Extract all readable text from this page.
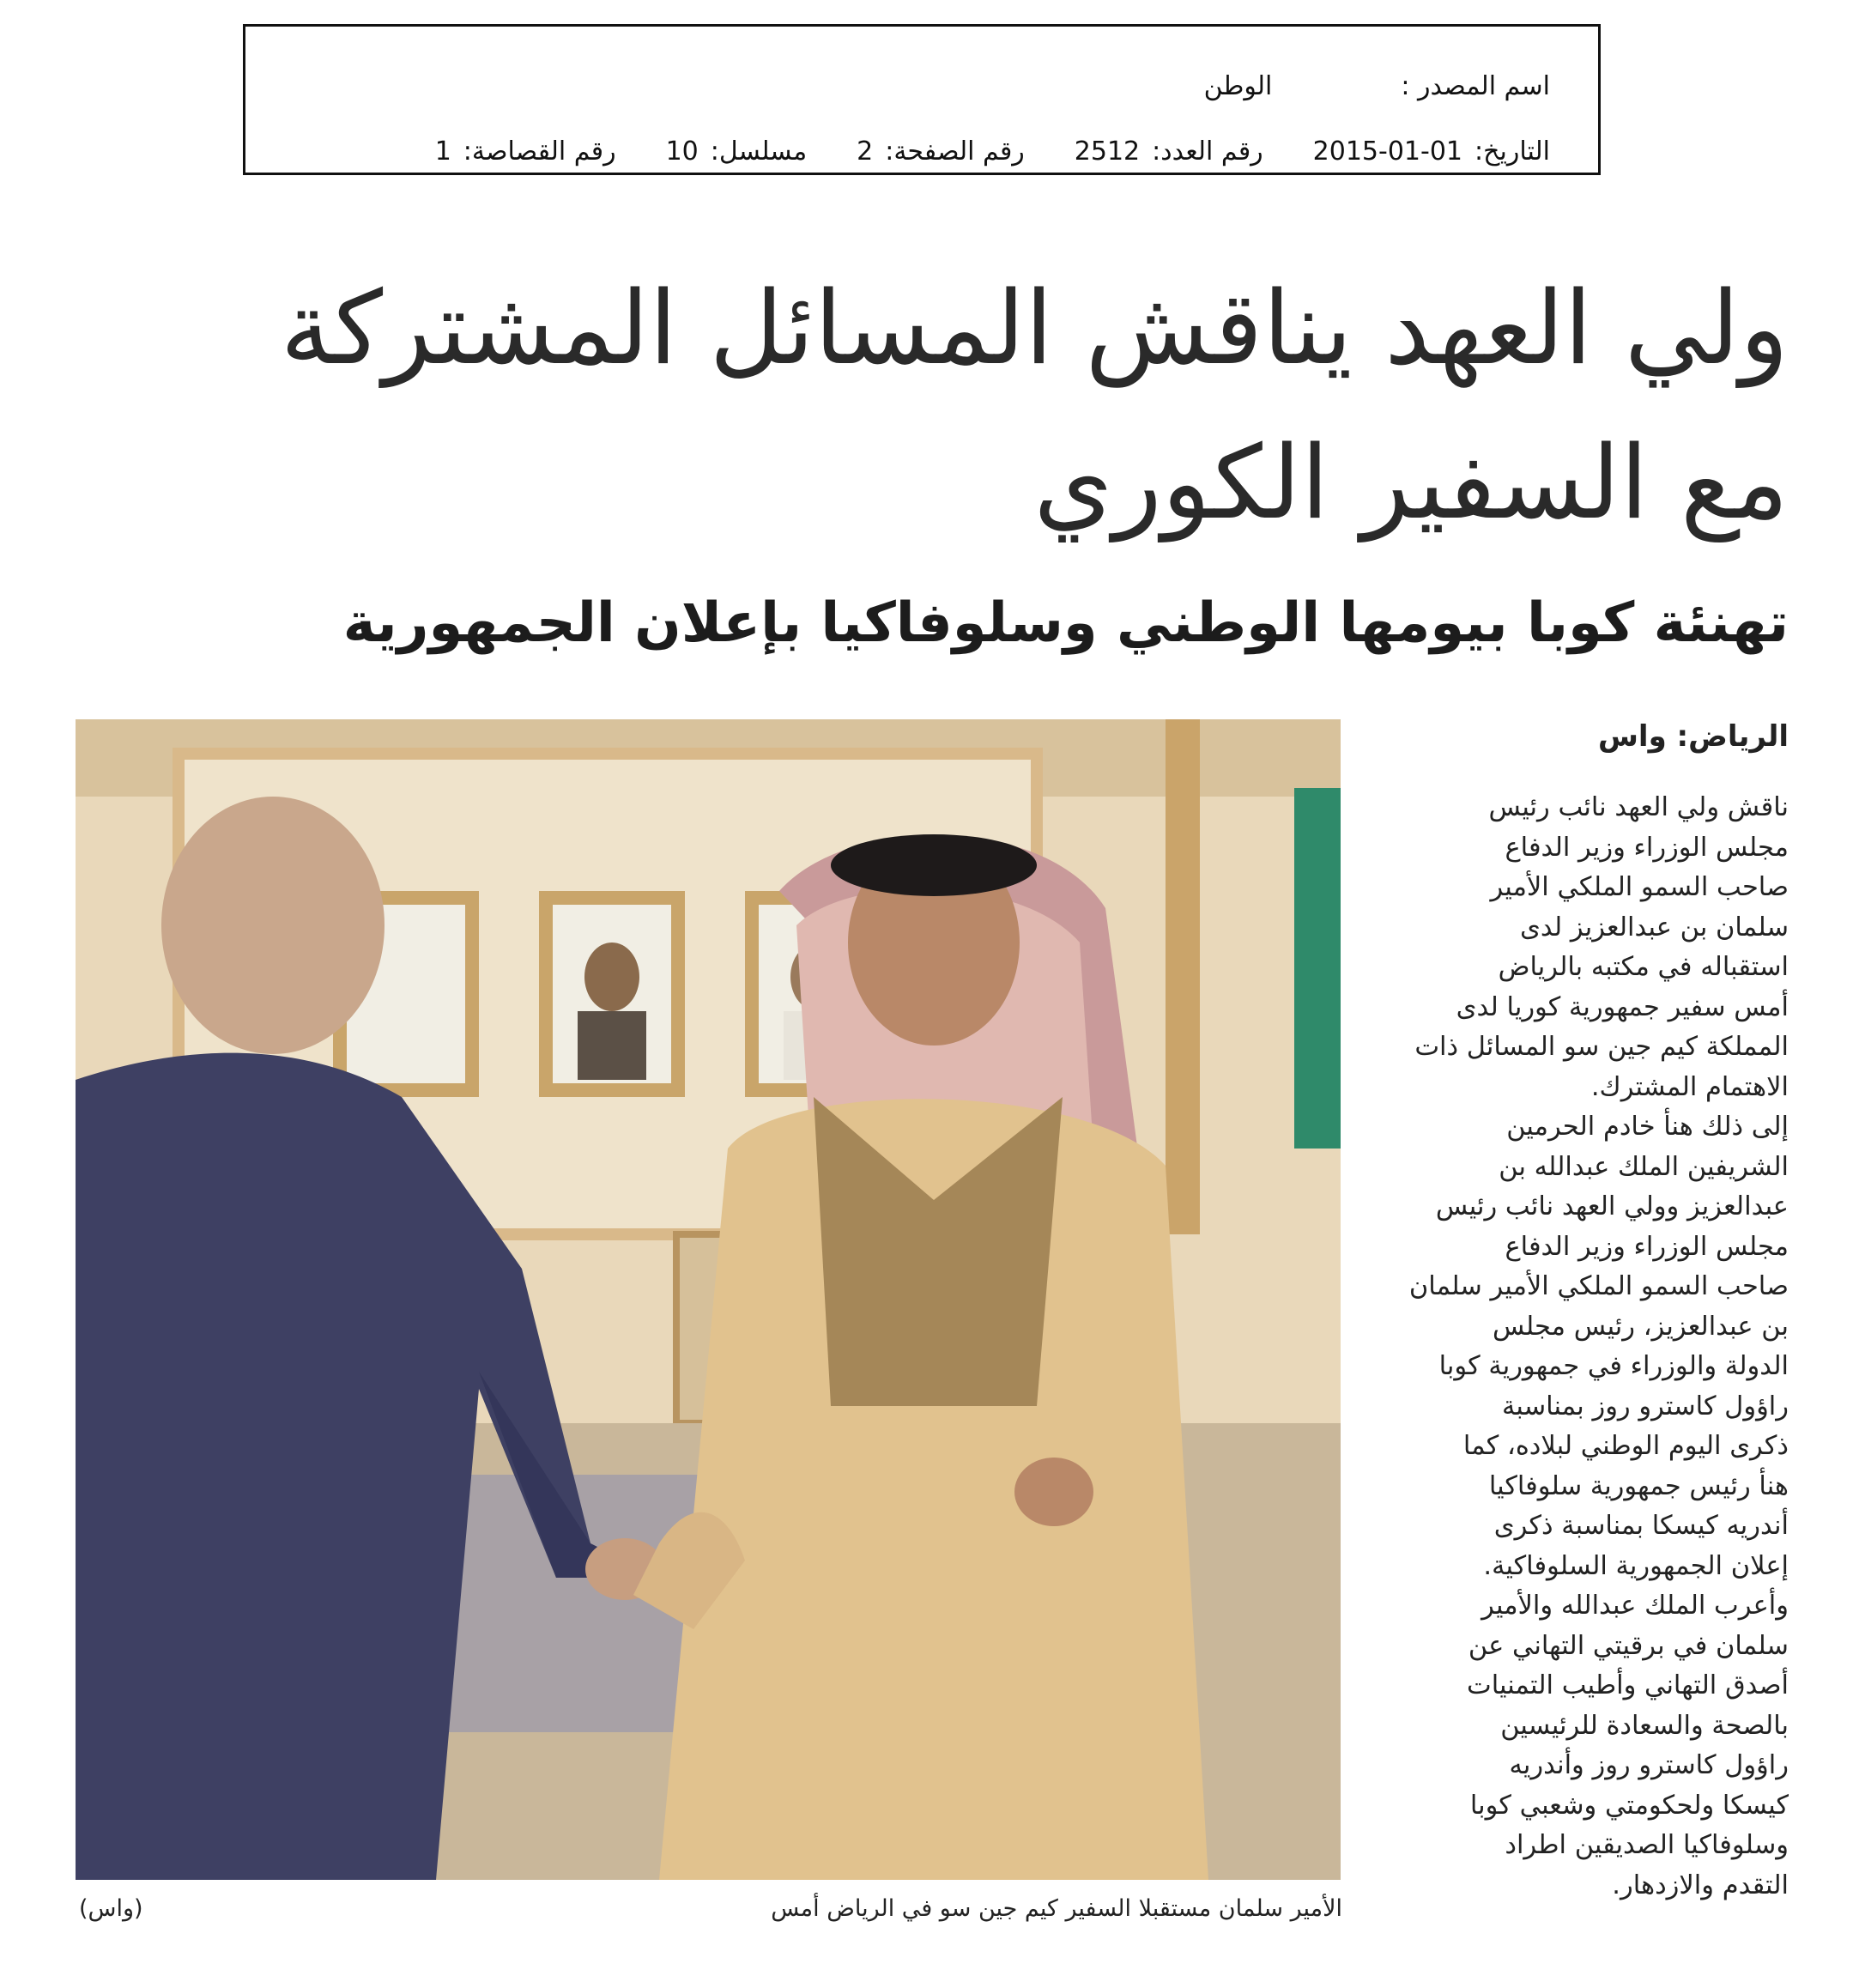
اسم المصدر :
الوطن
التاريخ:
2015-01-01
رقم العدد:
2512
رقم الصفحة:
2
مسلسل:
10
رقم القصاصة:
1
ولي العهد يناقش المسائل المشتركة
مع السفير الكوري
تهنئة كوبا بيومها الوطني وسلوفاكيا بإعلان الجمهورية
الأمير سلمان مستقبلا السفير كيم جين سو في الرياض أمس
(واس)
الرياض: واس
ناقش ولي العهد نائب رئيس
مجلس الوزراء وزير الدفاع
صاحب السمو الملكي الأمير
سلمان بن عبدالعزيز لدى
استقباله في مكتبه بالرياض
أمس سفير جمهورية كوريا لدى
المملكة كيم جين سو المسائل ذات
الاهتمام المشترك.
إلى ذلك هنأ خادم الحرمين
الشريفين الملك عبدالله بن
عبدالعزيز وولي العهد نائب رئيس
مجلس الوزراء وزير الدفاع
صاحب السمو الملكي الأمير سلمان
بن عبدالعزيز، رئيس مجلس
الدولة والوزراء في جمهورية كوبا
راؤول كاسترو روز بمناسبة
ذكرى اليوم الوطني لبلاده، كما
هنأ رئيس جمهورية سلوفاكيا
أندريه كيسكا بمناسبة ذكرى
إعلان الجمهورية السلوفاكية.
وأعرب الملك عبدالله والأمير
سلمان في برقيتي التهاني عن
أصدق التهاني وأطيب التمنيات
بالصحة والسعادة للرئيسين
راؤول كاسترو روز وأندريه
كيسكا ولحكومتي وشعبي كوبا
وسلوفاكيا الصديقين اطراد
التقدم والازدهار.
